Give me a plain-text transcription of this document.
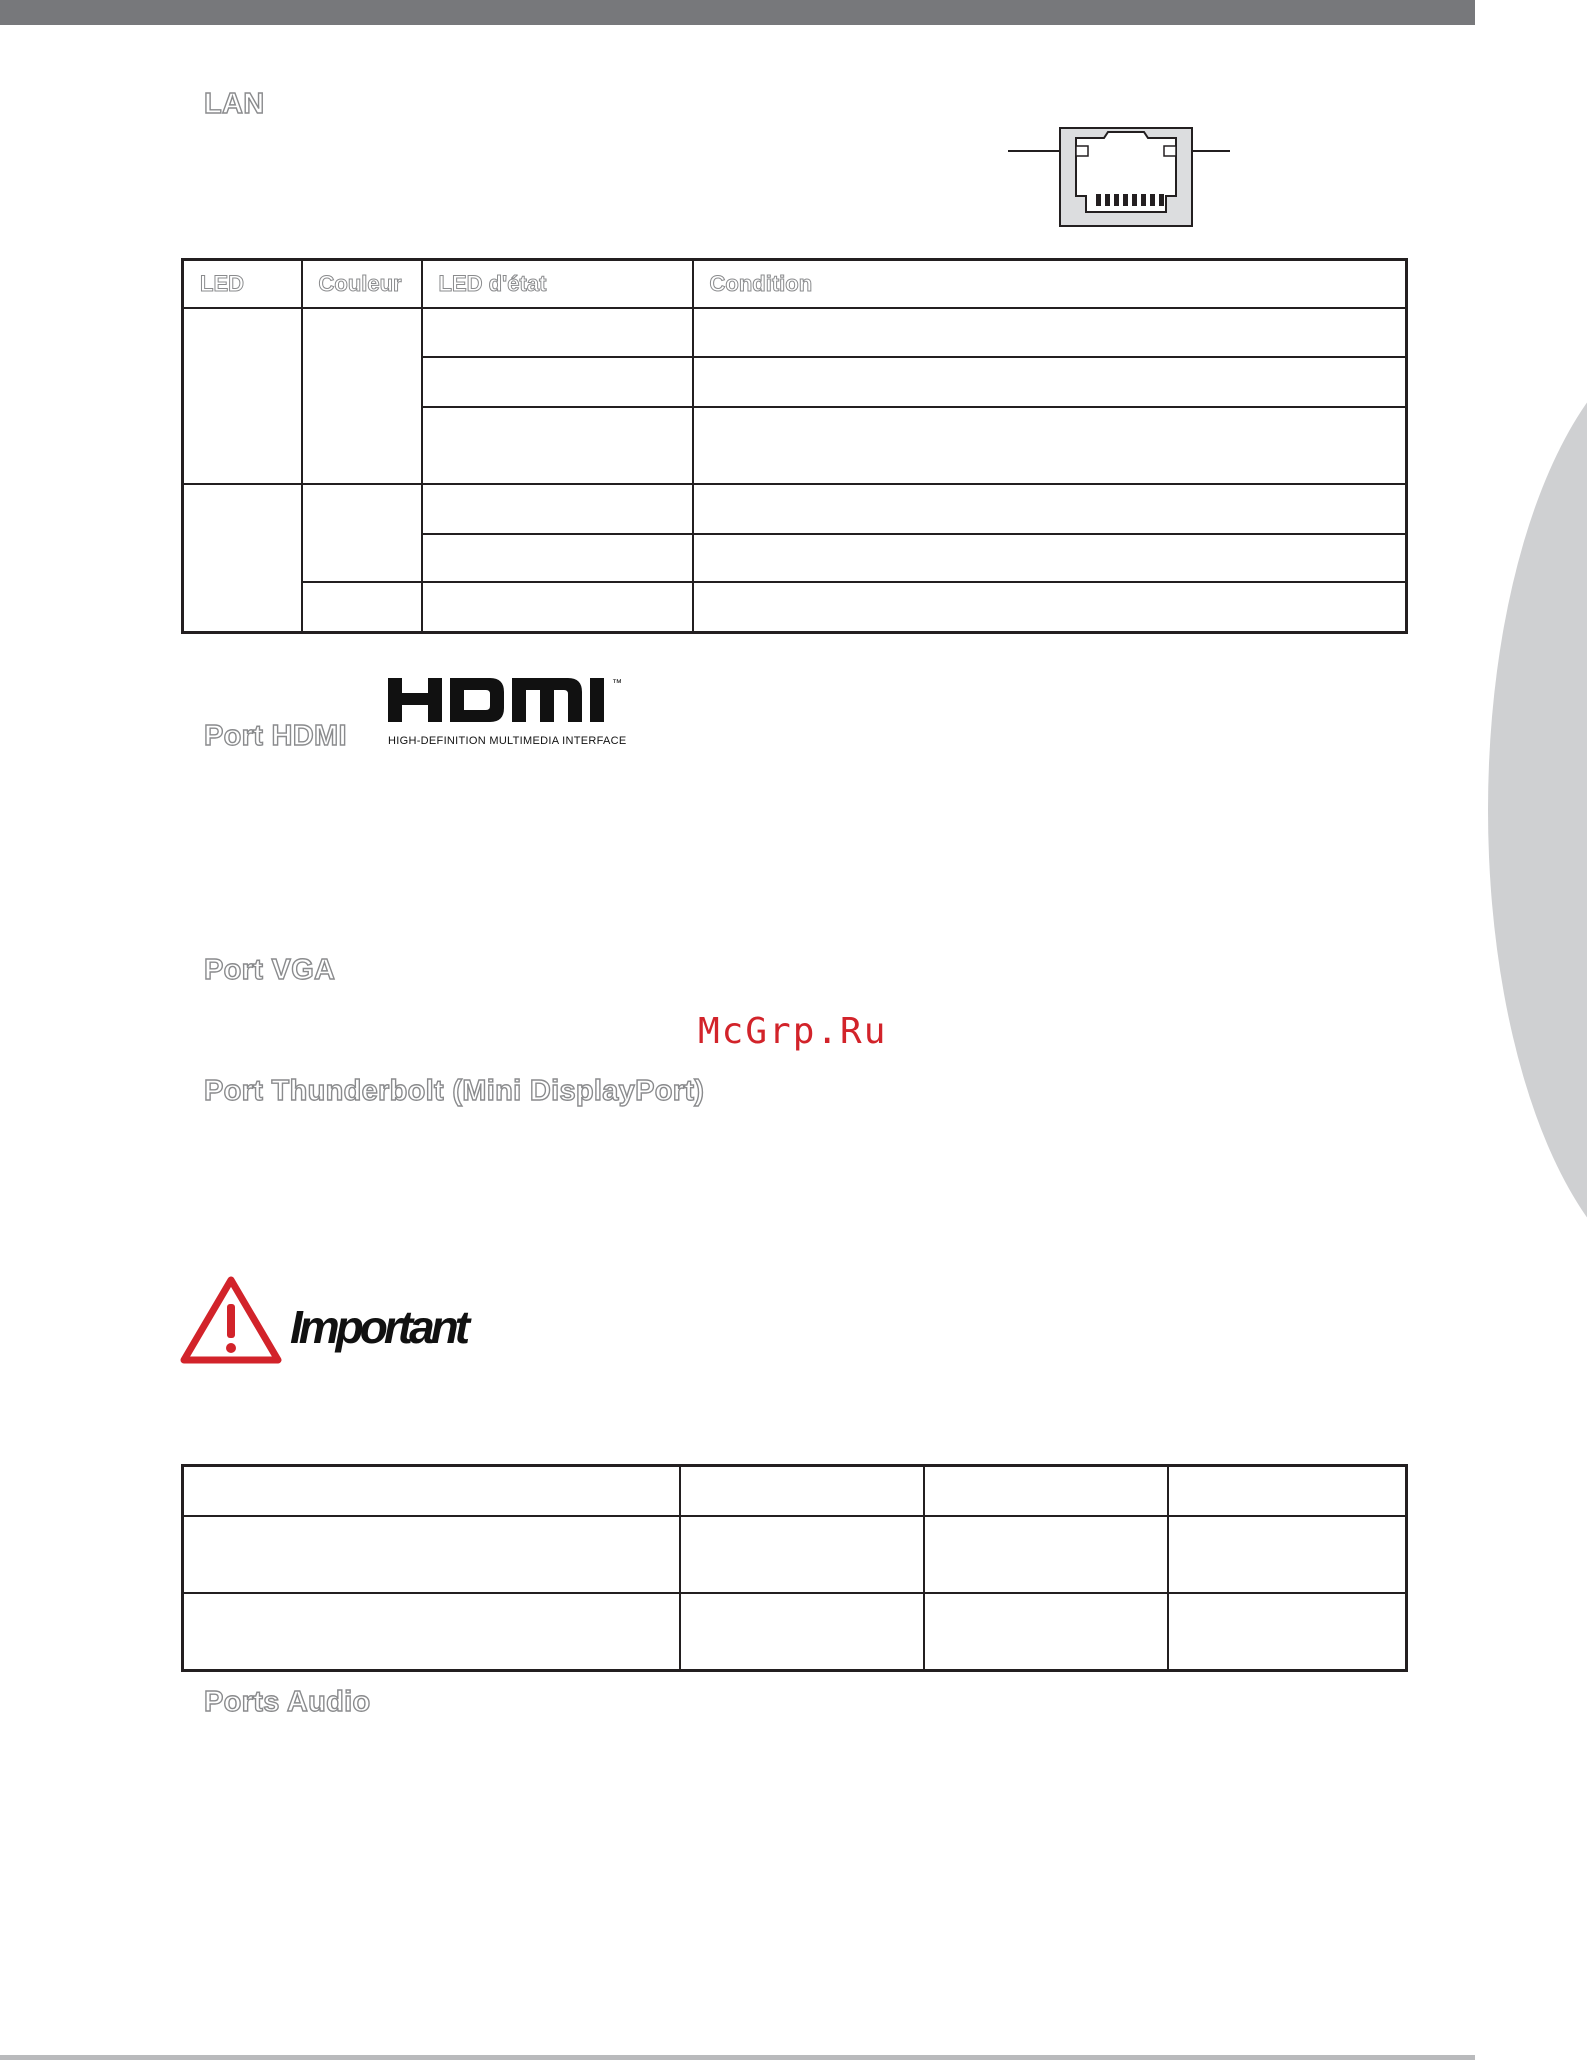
LAN
LED	Couleur	LED d'état	Condition

Port HDMI
™
HIGH-DEFINITION MULTIMEDIA INTERFACE
Port VGA
McGrp.Ru
Port Thunderbolt (Mini DisplayPort)
Important

Ports Audio
